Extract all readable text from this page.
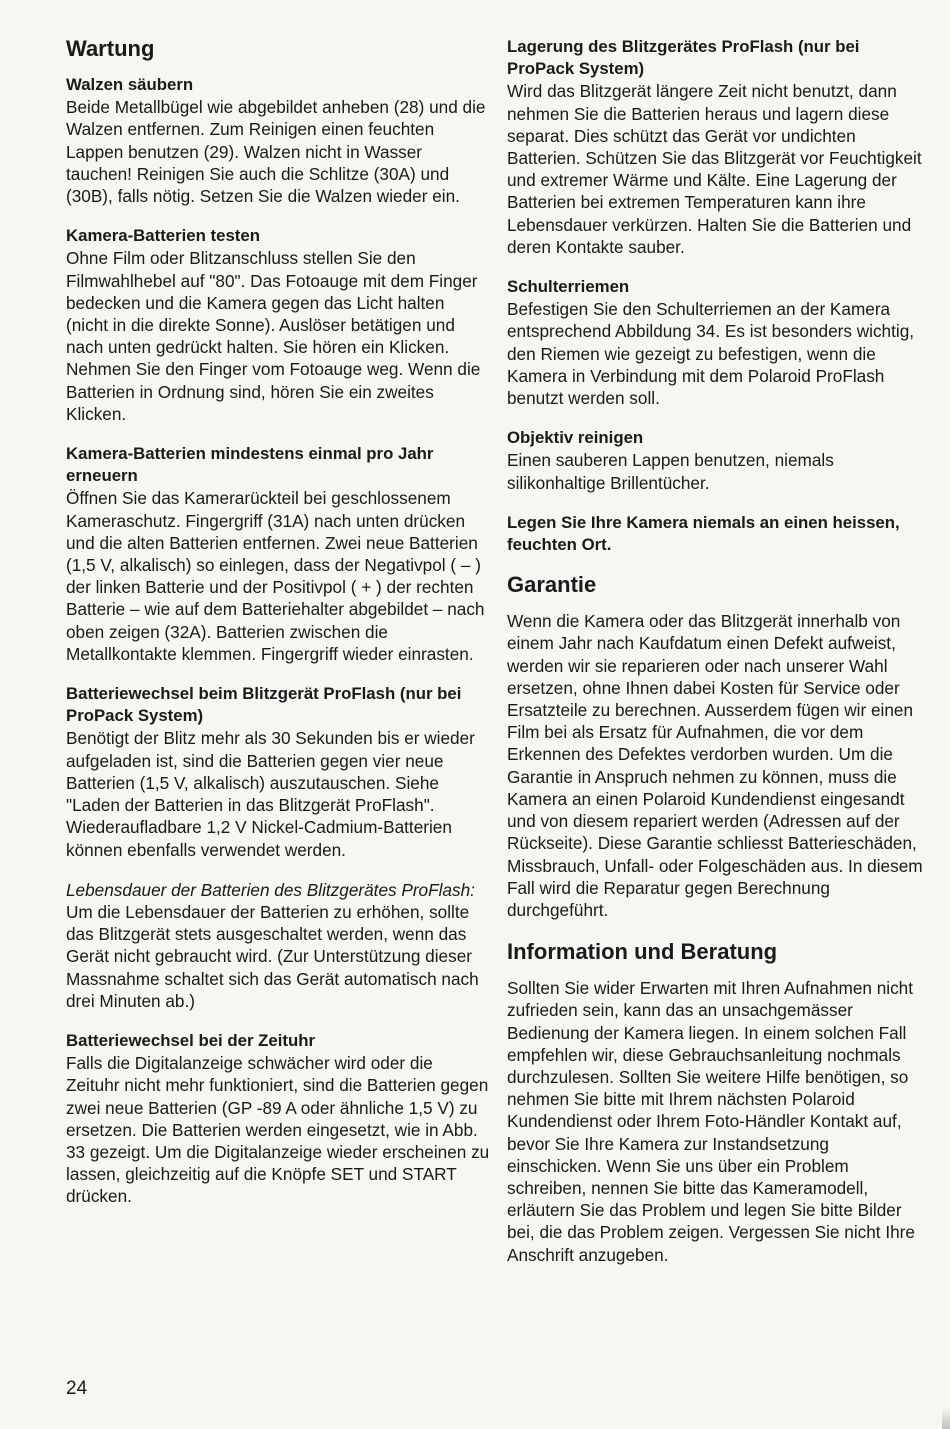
Wartung
Walzen säubern
Beide Metallbügel wie abgebildet anheben (28) und die Walzen entfernen. Zum Reinigen einen feuchten Lappen benutzen (29). Walzen nicht in Wasser tauchen! Reinigen Sie auch die Schlitze (30A) und (30B), falls nötig. Setzen Sie die Walzen wieder ein.
Kamera-Batterien testen
Ohne Film oder Blitzanschluss stellen Sie den Filmwahlhebel auf "80". Das Fotoauge mit dem Finger bedecken und die Kamera gegen das Licht halten (nicht in die direkte Sonne). Auslöser betätigen und nach unten gedrückt halten. Sie hören ein Klicken. Nehmen Sie den Finger vom Fotoauge weg. Wenn die Batterien in Ordnung sind, hören Sie ein zweites Klicken.
Kamera-Batterien mindestens einmal pro Jahr erneuern
Öffnen Sie das Kamerarückteil bei geschlossenem Kameraschutz. Fingergriff (31A) nach unten drücken und die alten Batterien entfernen. Zwei neue Batterien (1,5 V, alkalisch) so einlegen, dass der Negativpol ( – ) der linken Batterie und der Positivpol ( + ) der rechten Batterie – wie auf dem Batteriehalter abgebildet – nach oben zeigen (32A). Batterien zwischen die Metallkontakte klemmen. Fingergriff wieder einrasten.
Batteriewechsel beim Blitzgerät ProFlash (nur bei ProPack System)
Benötigt der Blitz mehr als 30 Sekunden bis er wieder aufgeladen ist, sind die Batterien gegen vier neue Batterien (1,5 V, alkalisch) auszutauschen. Siehe "Laden der Batterien in das Blitzgerät ProFlash". Wiederaufladbare 1,2 V Nickel-Cadmium-Batterien können ebenfalls verwendet werden.

Lebensdauer der Batterien des Blitzgerätes ProFlash: Um die Lebensdauer der Batterien zu erhöhen, sollte das Blitzgerät stets ausgeschaltet werden, wenn das Gerät nicht gebraucht wird. (Zur Unterstützung dieser Massnahme schaltet sich das Gerät automatisch nach drei Minuten ab.)

Batteriewechsel bei der Zeituhr
Falls die Digitalanzeige schwächer wird oder die Zeituhr nicht mehr funktioniert, sind die Batterien gegen zwei neue Batterien (GP -89 A oder ähnliche 1,5 V) zu ersetzen. Die Batterien werden eingesetzt, wie in Abb. 33 gezeigt. Um die Digitalanzeige wieder erscheinen zu lassen, gleichzeitig auf die Knöpfe SET und START drücken.
Lagerung des Blitzgerätes ProFlash (nur bei ProPack System)
Wird das Blitzgerät längere Zeit nicht benutzt, dann nehmen Sie die Batterien heraus und lagern diese separat. Dies schützt das Gerät vor undichten Batterien. Schützen Sie das Blitzgerät vor Feuchtigkeit und extremer Wärme und Kälte. Eine Lagerung der Batterien bei extremen Temperaturen kann ihre Lebensdauer verkürzen. Halten Sie die Batterien und deren Kontakte sauber.
Schulterriemen
Befestigen Sie den Schulterriemen an der Kamera entsprechend Abbildung 34. Es ist besonders wichtig, den Riemen wie gezeigt zu befestigen, wenn die Kamera in Verbindung mit dem Polaroid ProFlash benutzt werden soll.
Objektiv reinigen
Einen sauberen Lappen benutzen, niemals silikonhaltige Brillentücher.
Legen Sie Ihre Kamera niemals an einen heissen, feuchten Ort.
Garantie
Wenn die Kamera oder das Blitzgerät innerhalb von einem Jahr nach Kaufdatum einen Defekt aufweist, werden wir sie reparieren oder nach unserer Wahl ersetzen, ohne Ihnen dabei Kosten für Service oder Ersatzteile zu berechnen. Ausserdem fügen wir einen Film bei als Ersatz für Aufnahmen, die vor dem Erkennen des Defektes verdorben wurden. Um die Garantie in Anspruch nehmen zu können, muss die Kamera an einen Polaroid Kundendienst eingesandt und von diesem repariert werden (Adressen auf der Rückseite). Diese Garantie schliesst Batterieschäden, Missbrauch, Unfall- oder Folgeschäden aus. In diesem Fall wird die Reparatur gegen Berechnung durchgeführt.
Information und Beratung
Sollten Sie wider Erwarten mit Ihren Aufnahmen nicht zufrieden sein, kann das an unsachgemässer Bedienung der Kamera liegen. In einem solchen Fall empfehlen wir, diese Gebrauchsanleitung nochmals durchzulesen. Sollten Sie weitere Hilfe benötigen, so nehmen Sie bitte mit Ihrem nächsten Polaroid Kundendienst oder Ihrem Foto-Händler Kontakt auf, bevor Sie Ihre Kamera zur Instandsetzung einschicken. Wenn Sie uns über ein Problem schreiben, nennen Sie bitte das Kameramodell, erläutern Sie das Problem und legen Sie bitte Bilder bei, die das Problem zeigen. Vergessen Sie nicht Ihre Anschrift anzugeben.
24
